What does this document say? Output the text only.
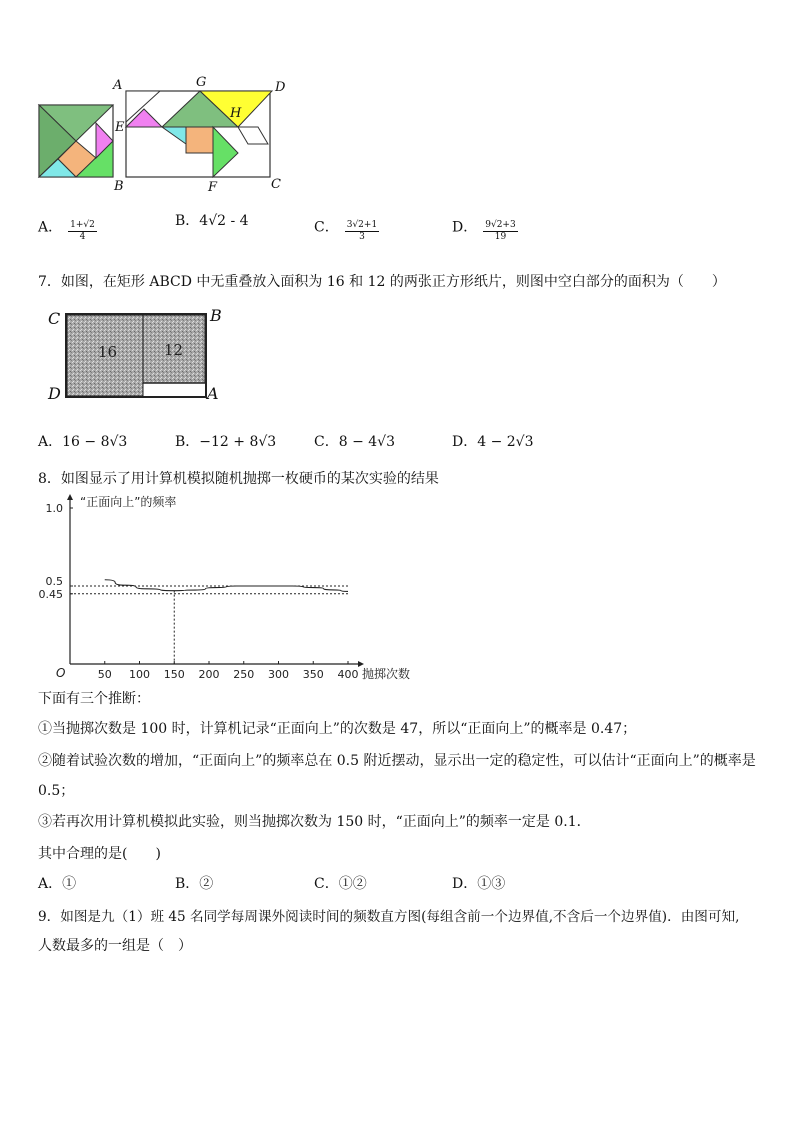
A	G	D
H
E
B	F	C
A． $\frac{1+√2}{4}$	B．4√2 - 4	C． $\frac{3√2+1}{3}$	D． $\frac{9√2+3}{19}$
7．如图，在矩形 ABCD 中无重叠放入面积为 16 和 12 的两张正方形纸片，则图中空白部分的面积为（　　）
C	B
D	A
16	12
A．16 − 8√3	B．−12 + 8√3	C．8 − 4√3	D．4 − 2√3
8．如图显示了用计算机模拟随机抛掷一枚硬币的某次实验的结果
50 100 150 200 250 300 350 400
1.0
0.5
0.45
O
“正面向上”的频率
抛掷次数
下面有三个推断：
①当抛掷次数是 100 时，计算机记录“正面向上”的次数是 47，所以“正面向上”的概率是 0.47；
②随着试验次数的增加，“正面向上”的频率总在 0.5 附近摆动，显示出一定的稳定性，可以估计“正面向上”的概率是
0.5；
③若再次用计算机模拟此实验，则当抛掷次数为 150 时，“正面向上”的频率一定是 0.1．
其中合理的是(　　)
A．①	B．②	C．①②	D．①③
9．如图是九（1）班 45 名同学每周课外阅读时间的频数直方图(每组含前一个边界值,不含后一个边界值)．由图可知,
人数最多的一组是（　）
